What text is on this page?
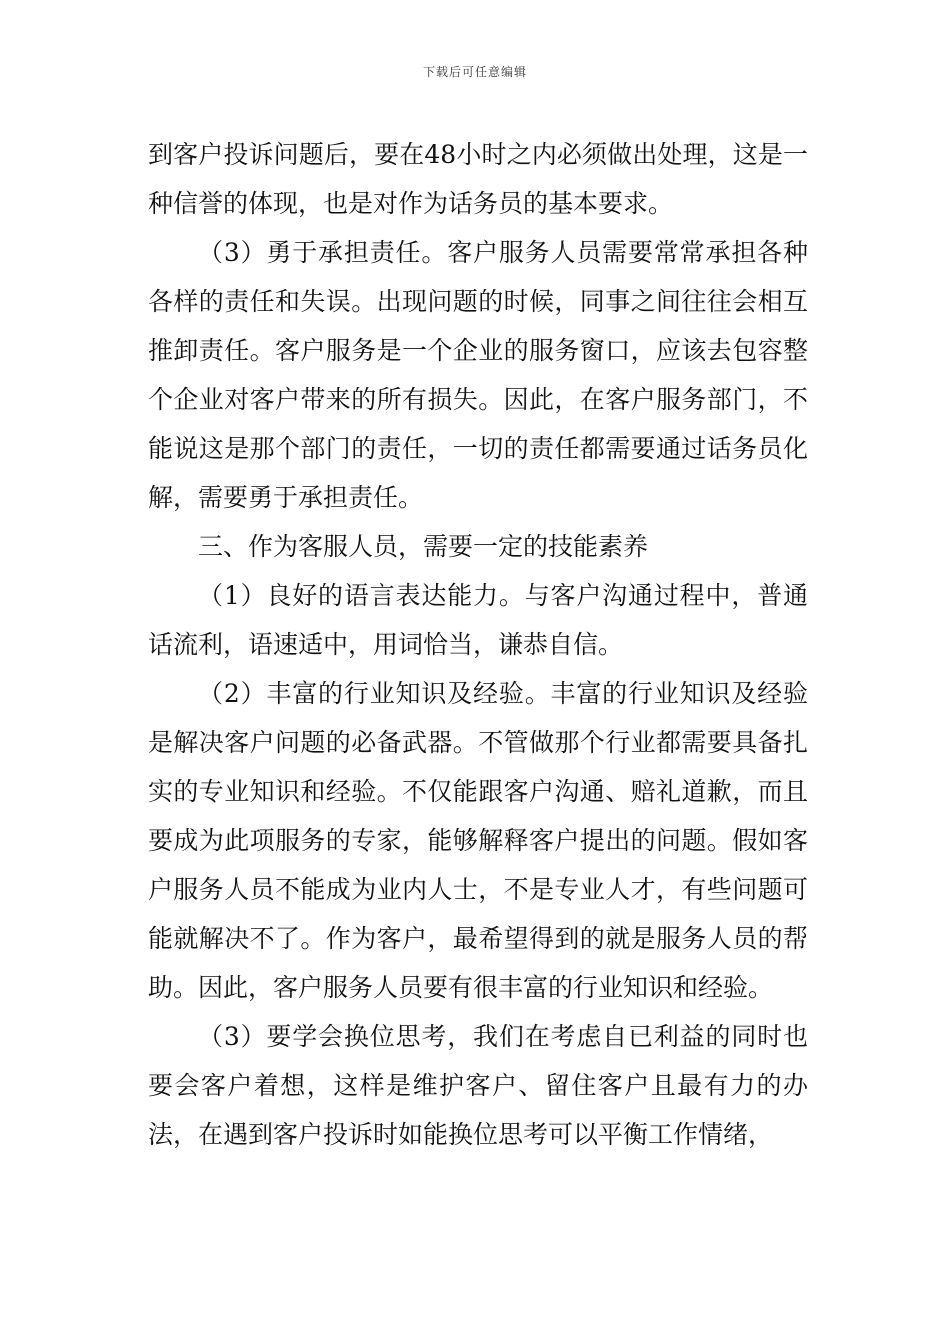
下载后可任意编辑

到客户投诉问题后，要在48小时之内必须做出处理，这是一种信誉的体现，也是对作为话务员的基本要求。

（3）勇于承担责任。客户服务人员需要常常承担各种各样的责任和失误。出现问题的时候，同事之间往往会相互推卸责任。客户服务是一个企业的服务窗口，应该去包容整个企业对客户带来的所有损失。因此，在客户服务部门，不能说这是那个部门的责任，一切的责任都需要通过话务员化解，需要勇于承担责任。

三、作为客服人员，需要一定的技能素养

（1）良好的语言表达能力。与客户沟通过程中，普通话流利，语速适中，用词恰当，谦恭自信。

（2）丰富的行业知识及经验。丰富的行业知识及经验是解决客户问题的必备武器。不管做那个行业都需要具备扎实的专业知识和经验。不仅能跟客户沟通、赔礼道歉，而且要成为此项服务的专家，能够解释客户提出的问题。假如客户服务人员不能成为业内人士，不是专业人才，有些问题可能就解决不了。作为客户，最希望得到的就是服务人员的帮助。因此，客户服务人员要有很丰富的行业知识和经验。

（3）要学会换位思考，我们在考虑自已利益的同时也要会客户着想，这样是维护客户、留住客户且最有力的办法，在遇到客户投诉时如能换位思考可以平衡工作情绪，
